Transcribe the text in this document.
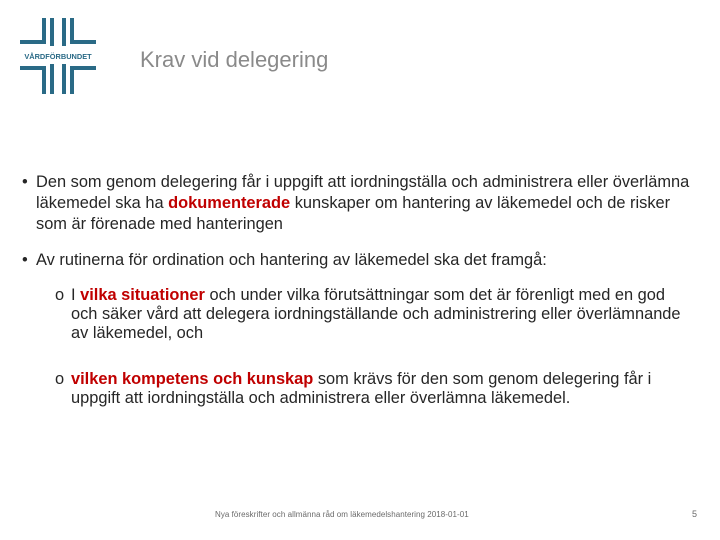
VÅRDFÖRBUNDET Krav vid delegering
• Den som genom delegering får i uppgift att iordningställa och administrera eller överlämna läkemedel ska ha dokumenterade kunskaper om hantering av läkemedel och de risker som är förenade med hanteringen
• Av rutinerna för ordination och hantering av läkemedel ska det framgå:
o I vilka situationer och under vilka förutsättningar som det är förenligt med en god och säker vård att delegera iordningställande och administrering eller överlämnande av läkemedel, och
o vilken kompetens och kunskap som krävs för den som genom delegering får i uppgift att iordningställa och administrera eller överlämna läkemedel.
Nya föreskrifter och allmänna råd om läkemedelshantering 2018-01-01	5
